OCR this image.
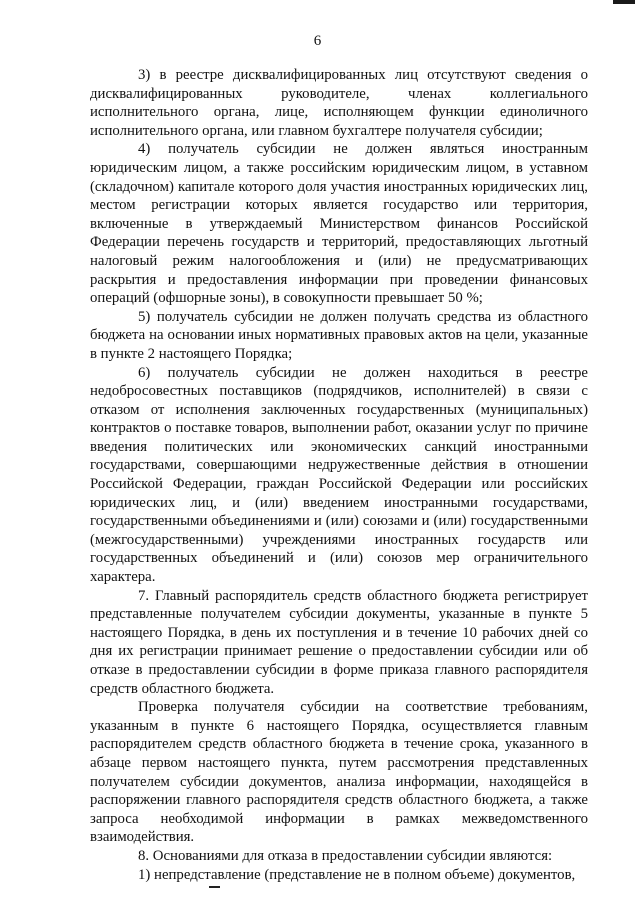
6

3) в реестре дисквалифицированных лиц отсутствуют сведения о дисквалифицированных руководителе, членах коллегиального исполнительного органа, лице, исполняющем функции единоличного исполнительного органа, или главном бухгалтере получателя субсидии;

4) получатель субсидии не должен являться иностранным юридическим лицом, а также российским юридическим лицом, в уставном (складочном) капитале которого доля участия иностранных юридических лиц, местом регистрации которых является государство или территория, включенные в утверждаемый Министерством финансов Российской Федерации перечень государств и территорий, предоставляющих льготный налоговый режим налогообложения и (или) не предусматривающих раскрытия и предоставления информации при проведении финансовых операций (офшорные зоны), в совокупности превышает 50 %;

5) получатель субсидии не должен получать средства из областного бюджета на основании иных нормативных правовых актов на цели, указанные в пункте 2 настоящего Порядка;

6) получатель субсидии не должен находиться в реестре недобросовестных поставщиков (подрядчиков, исполнителей) в связи с отказом от исполнения заключенных государственных (муниципальных) контрактов о поставке товаров, выполнении работ, оказании услуг по причине введения политических или экономических санкций иностранными государствами, совершающими недружественные действия в отношении Российской Федерации, граждан Российской Федерации или российских юридических лиц, и (или) введением иностранными государствами, государственными объединениями и (или) союзами и (или) государственными (межгосударственными) учреждениями иностранных государств или государственных объединений и (или) союзов мер ограничительного характера.

7. Главный распорядитель средств областного бюджета регистрирует представленные получателем субсидии документы, указанные в пункте 5 настоящего Порядка, в день их поступления и в течение 10 рабочих дней со дня их регистрации принимает решение о предоставлении субсидии или об отказе в предоставлении субсидии в форме приказа главного распорядителя средств областного бюджета.

Проверка получателя субсидии на соответствие требованиям, указанным в пункте 6 настоящего Порядка, осуществляется главным распорядителем средств областного бюджета в течение срока, указанного в абзаце первом настоящего пункта, путем рассмотрения представленных получателем субсидии документов, анализа информации, находящейся в распоряжении главного распорядителя средств областного бюджета, а также запроса необходимой информации в рамках межведомственного взаимодействия.

8. Основаниями для отказа в предоставлении субсидии являются:

1) непредставление (представление не в полном объеме) документов,
